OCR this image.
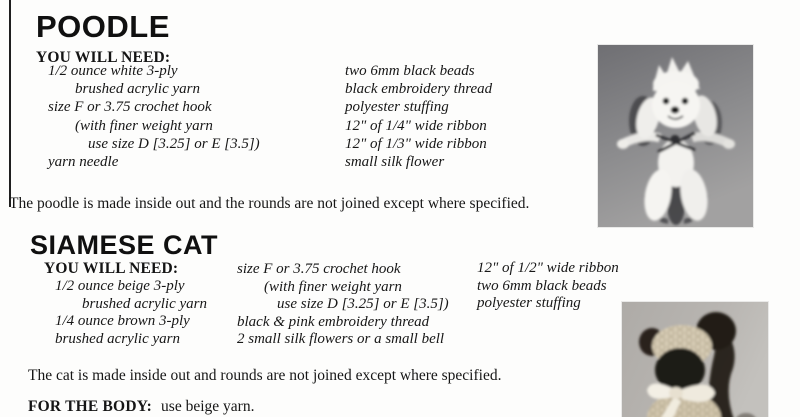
POODLE
YOU WILL NEED:
1/2 ounce white 3-ply
brushed acrylic yarn
size F or 3.75 crochet hook
(with finer weight yarn
use size D [3.25] or E [3.5])
yarn needle
two 6mm black beads
black embroidery thread
polyester stuffing
12" of 1/4" wide ribbon
12" of 1/3" wide ribbon
small silk flower
The poodle is made inside out and the rounds are not joined except where specified.
SIAMESE CAT
YOU WILL NEED:
1/2 ounce beige 3-ply
brushed acrylic yarn
1/4 ounce brown 3-ply
brushed acrylic yarn
size F or 3.75 crochet hook
(with finer weight yarn
use size D [3.25] or E [3.5])
black & pink embroidery thread
2 small silk flowers or a small bell
12" of 1/2" wide ribbon
two 6mm black beads
polyester stuffing
The cat is made inside out and rounds are not joined except where specified.
FOR THE BODY: use beige yarn.
